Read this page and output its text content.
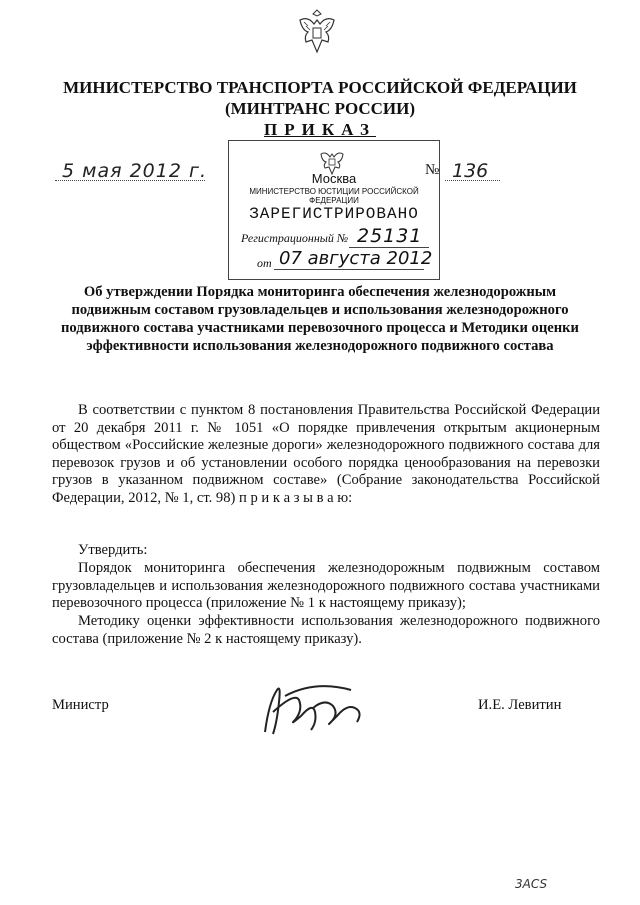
МИНИСТЕРСТВО ТРАНСПОРТА РОССИЙСКОЙ ФЕДЕРАЦИИ
(МИНТРАНС РОССИИ)
ПРИКАЗ
5 мая 2012 г.	№ 136
Москва
МИНИСТЕРСТВО ЮСТИЦИИ РОССИЙСКОЙ ФЕДЕРАЦИИ
ЗАРЕГИСТРИРОВАНО
Регистрационный № 25131
от 07 августа 2012
Об утверждении Порядка мониторинга обеспечения железнодорожным подвижным составом грузовладельцев и использования железнодорожного подвижного состава участниками перевозочного процесса и Методики оценки эффективности использования железнодорожного подвижного состава
В соответствии с пунктом 8 постановления Правительства Российской Федерации от 20 декабря 2011 г. № 1051 «О порядке привлечения открытым акционерным обществом «Российские железные дороги» железнодорожного подвижного состава для перевозок грузов и об установлении особого порядка ценообразования на перевозки грузов в указанном подвижном составе» (Собрание законодательства Российской Федерации, 2012, № 1, ст. 98) п р и к а з ы в а ю:
Утвердить:
Порядок мониторинга обеспечения железнодорожным подвижным составом грузовладельцев и использования железнодорожного подвижного состава участниками перевозочного процесса (приложение № 1 к настоящему приказу);
Методику оценки эффективности использования железнодорожного подвижного состава (приложение № 2 к настоящему приказу).
Министр	И.Е. Левитин
3ACS
